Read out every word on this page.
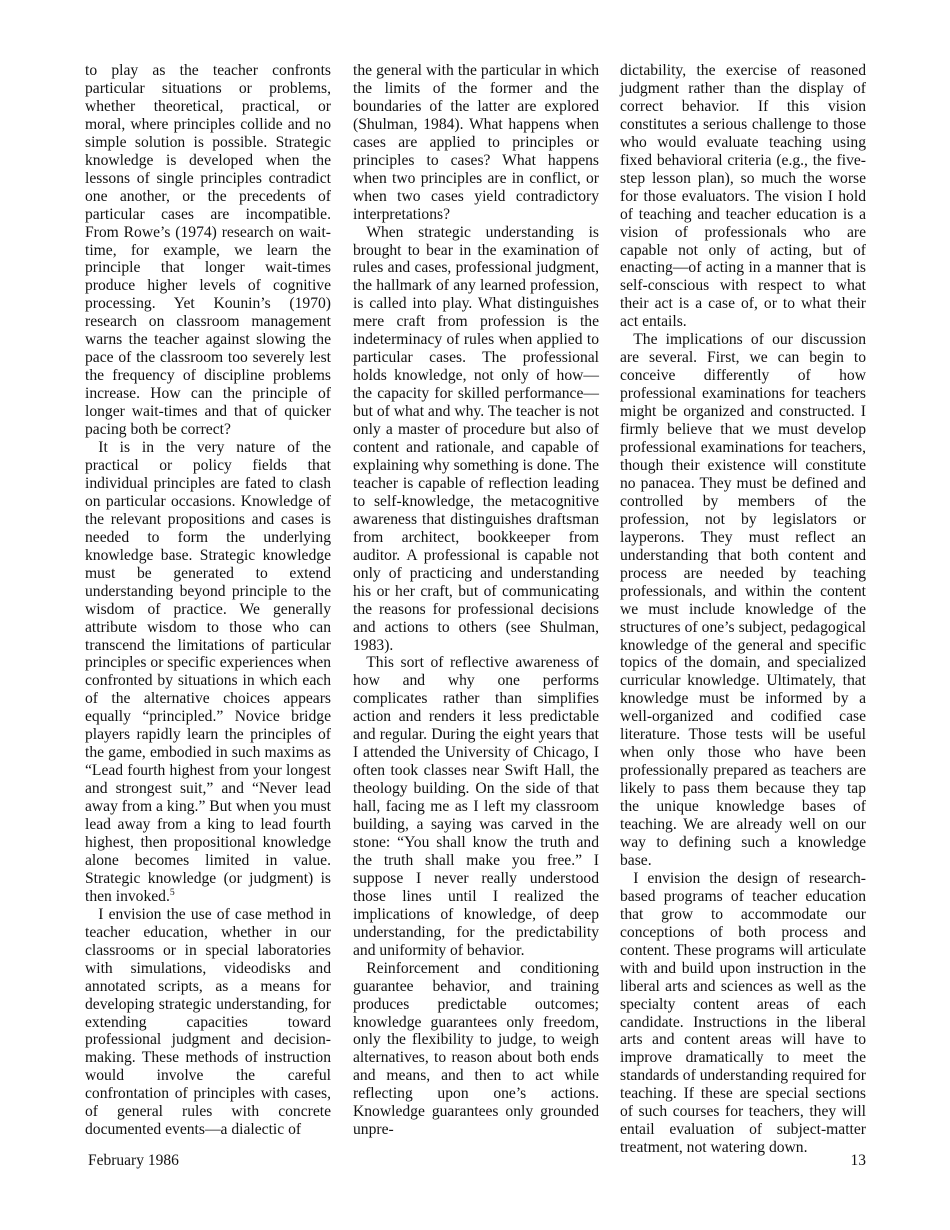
to play as the teacher confronts particular situations or problems, whether theoretical, practical, or moral, where principles collide and no simple solution is possible. Strategic knowledge is developed when the lessons of single principles contradict one another, or the precedents of particular cases are incompatible. From Rowe’s (1974) research on wait-time, for example, we learn the principle that longer wait-times produce higher levels of cognitive processing. Yet Kounin’s (1970) research on classroom management warns the teacher against slowing the pace of the classroom too severely lest the frequency of discipline problems increase. How can the principle of longer wait-times and that of quicker pacing both be correct?

It is in the very nature of the practical or policy fields that individual principles are fated to clash on particular occasions. Knowledge of the relevant propositions and cases is needed to form the underlying knowledge base. Strategic knowledge must be generated to extend understanding beyond principle to the wisdom of practice. We generally attribute wisdom to those who can transcend the limitations of particular principles or specific experiences when confronted by situations in which each of the alternative choices appears equally “principled.” Novice bridge players rapidly learn the principles of the game, embodied in such maxims as “Lead fourth highest from your longest and strongest suit,” and “Never lead away from a king.” But when you must lead away from a king to lead fourth highest, then propositional knowledge alone becomes limited in value. Strategic knowledge (or judgment) is then invoked.$^5$

I envision the use of case method in teacher education, whether in our classrooms or in special laboratories with simulations, videodisks and annotated scripts, as a means for developing strategic understanding, for extending capacities toward professional judgment and decision-making. These methods of instruction would involve the careful confrontation of principles with cases, of general rules with concrete documented events—a dialectic of

the general with the particular in which the limits of the former and the boundaries of the latter are explored (Shulman, 1984). What happens when cases are applied to principles or principles to cases? What happens when two principles are in conflict, or when two cases yield contradictory interpretations?

When strategic understanding is brought to bear in the examination of rules and cases, professional judgment, the hallmark of any learned profession, is called into play. What distinguishes mere craft from profession is the indeterminacy of rules when applied to particular cases. The professional holds knowledge, not only of how—the capacity for skilled performance—but of what and why. The teacher is not only a master of procedure but also of content and rationale, and capable of explaining why something is done. The teacher is capable of reflection leading to self-knowledge, the metacognitive awareness that distinguishes draftsman from architect, bookkeeper from auditor. A professional is capable not only of practicing and understanding his or her craft, but of communicating the reasons for professional decisions and actions to others (see Shulman, 1983).

This sort of reflective awareness of how and why one performs complicates rather than simplifies action and renders it less predictable and regular. During the eight years that I attended the University of Chicago, I often took classes near Swift Hall, the theology building. On the side of that hall, facing me as I left my classroom building, a saying was carved in the stone: “You shall know the truth and the truth shall make you free.” I suppose I never really understood those lines until I realized the implications of knowledge, of deep understanding, for the predictability and uniformity of behavior.

Reinforcement and conditioning guarantee behavior, and training produces predictable outcomes; knowledge guarantees only freedom, only the flexibility to judge, to weigh alternatives, to reason about both ends and means, and then to act while reflecting upon one’s actions. Knowledge guarantees only grounded unpre-

dictability, the exercise of reasoned judgment rather than the display of correct behavior. If this vision constitutes a serious challenge to those who would evaluate teaching using fixed behavioral criteria (e.g., the five-step lesson plan), so much the worse for those evaluators. The vision I hold of teaching and teacher education is a vision of professionals who are capable not only of acting, but of enacting—of acting in a manner that is self-conscious with respect to what their act is a case of, or to what their act entails.

The implications of our discussion are several. First, we can begin to conceive differently of how professional examinations for teachers might be organized and constructed. I firmly believe that we must develop professional examinations for teachers, though their existence will constitute no panacea. They must be defined and controlled by members of the profession, not by legislators or layperons. They must reflect an understanding that both content and process are needed by teaching professionals, and within the content we must include knowledge of the structures of one’s subject, pedagogical knowledge of the general and specific topics of the domain, and specialized curricular knowledge. Ultimately, that knowledge must be informed by a well-organized and codified case literature. Those tests will be useful when only those who have been professionally prepared as teachers are likely to pass them because they tap the unique knowledge bases of teaching. We are already well on our way to defining such a knowledge base.

I envision the design of research-based programs of teacher education that grow to accommodate our conceptions of both process and content. These programs will articulate with and build upon instruction in the liberal arts and sciences as well as the specialty content areas of each candidate. Instructions in the liberal arts and content areas will have to improve dramatically to meet the standards of understanding required for teaching. If these are special sections of such courses for teachers, they will entail evaluation of subject-matter treatment, not watering down.

February 1986	13
